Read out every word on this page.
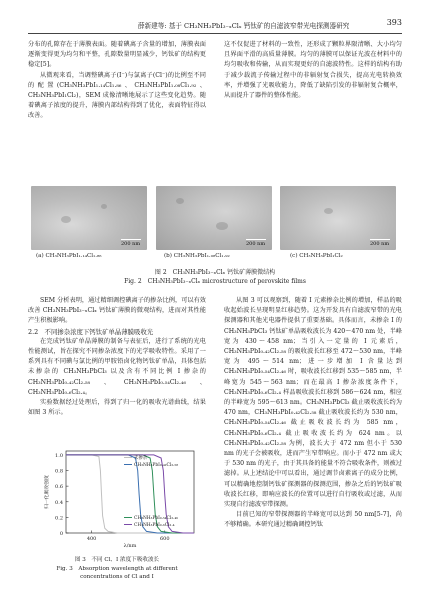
薛新建等: 基于 CH₃NH₃PbI₃₋ₓClₓ 钙钛矿的自滤波窄带光电探测器研究	393

分布的孔隙存在于薄膜表面。随着碘离子含量的增加，薄膜表面逐渐变得更为均匀和平整，孔隙数量明显减少，钙钛矿的结构更稳定[5]。

从微观来看，当调整碘离子(I⁻)与氯离子(Cl⁻)的比例至不同的配置(CH₃NH₃PbI₁.₁₄Cl₁.₈₆、CH₃NH₃PbI₁.₀₈Cl₁.₉₂、CH₃NH₃PbI₁Cl₂)，SEM 成像清晰地展示了这些变化趋势。随着碘离子浓度的提升，薄膜内部结构得到了优化，表面特征得以改善。

这不仅促进了材料的一致性，还形成了颗粒界限清晰、大小均匀且界面平滑的高质量薄膜。均匀的薄膜可以保证光波在材料中的均匀吸收和传输，从而实现更好的自滤波特性。这样的结构有助于减少载流子传输过程中的非辐射复合损失，提高光电转换效率，并增强了光吸收能力，降低了缺陷引发的非辐射复合概率，从而提升了器件的整体性能。

200 nm	200 nm	200 nm
(a) CH₃NH₃PbI₁.₁₄Cl₁.₈₆	(b) CH₃NH₃PbI₁.₀₈Cl₁.₉₂	(c) CH₃NH₃PbI₁Cl₂
图 2　CH₃NH₃PbI₃₋ₓClₓ 钙钛矿薄膜微结构
Fig. 2　CH₃NH₃PbI₃₋ₓClₓ microstructure of perovskite films

SEM 分析表明，通过精细调控碘离子的掺杂比例，可以有效改善 CH₃NH₃PbI₃₋ₓClₓ 钙钛矿薄膜的微观结构，进而对其性能产生积极影响。

2.2　不同掺杂浓度下钙钛矿单晶薄膜吸收光

在完成钙钛矿单晶薄膜的制备与表征后，进行了系统的光电性能测试，旨在探究不同掺杂浓度下的光学吸收特性。采用了一系列具有不同碘与氯比例的甲胺铅卤化物钙钛矿单晶，具体包括未掺杂的 CH₃NH₃PbCl₃ 以及含有不同比例 I 掺杂的 CH₃NH₃PbI₀.₄₂Cl₂.₅₈、CH₃NH₃PbI₀.₅₄Cl₂.₄₆、CH₃NH₃PbI₀.₆Cl₂.₄。

实验数据经过处理后，得到了归一化的吸收光谱曲线，结果如图 3 所示。

0
0.2
0.4
0.6
0.8
1.0
400	600
归一化吸收强度
λ/nm
未掺杂
CH₃NH₃PbI₀.₄₂Cl₂.₅₈
CH₃NH₃PbI₀.₅₄Cl₂.₄₆
CH₃NH₃PbI₀.₆Cl₂.₄
图 3　不同 Cl、I 浓度下吸收波长
Fig. 3　Absorption wavelength at different
concentrations of Cl and I

从图 3 可以观察到，随着 I 元素掺杂比例的增加，样品的吸收起始波长呈现明显红移趋势。这为开发具有自滤波窄带的光电探测器和其他光电器件提供了重要基础。具体而言，未掺杂 I 的 CH₃NH₃PbCl₃ 钙钛矿单晶吸收波长为 420～470 nm 处，半峰宽为 430～458 nm；当引入一定量的 I 元素后，CH₃NH₃PbI₀.₄₂Cl₂.₅₈ 的吸收波长红移至 472～530 nm，半峰宽为 495～514 nm；进一步增加 I 含量达到 CH₃NH₃PbI₀.₅₄Cl₂.₄₆ 时，吸收波长红移到 535～585 nm，半峰宽为 545～563 nm；而在最高 I 掺杂浓度条件下，CH₃NH₃PbI₀.₆Cl₂.₄ 样品吸收波长红移到 586～624 nm，相应的半峰宽为 595～613 nm。CH₃NH₃PbCl₃ 截止吸收波长约为 470 nm，CH₃NH₃PbI₀.₄₂Cl₂.₅₈ 截止吸收波长约为 530 nm，CH₃NH₃PbI₀.₅₄Cl₂.₄₆ 截止吸收波长约为 585 nm，CH₃NH₃PbI₀.₆Cl₂.₄ 截止吸收波长约为 624 nm。以 CH₃NH₃PbI₀.₄₂Cl₂.₅₈ 为例，波长大于 472 nm 但小于 530 nm 的光子会被吸收，进而产生窄带响应。而小于 472 nm 或大于 530 nm 的光子，由于其具备的能量不符合吸收条件，则被过滤掉。从上述结论中可以看出，通过调节卤素离子的成分比例，可以精确地控制钙钛矿探测器的探测范围，掺杂之后的钙钛矿吸收波长红移，即响应波长的位置可以进行自行吸收或过滤，从而实现自行滤波窄带探测。

目前已知的窄带探测器的半峰宽可以达到 50 nm[5-7]，尚不够精确。本研究通过精确调控钙钛
